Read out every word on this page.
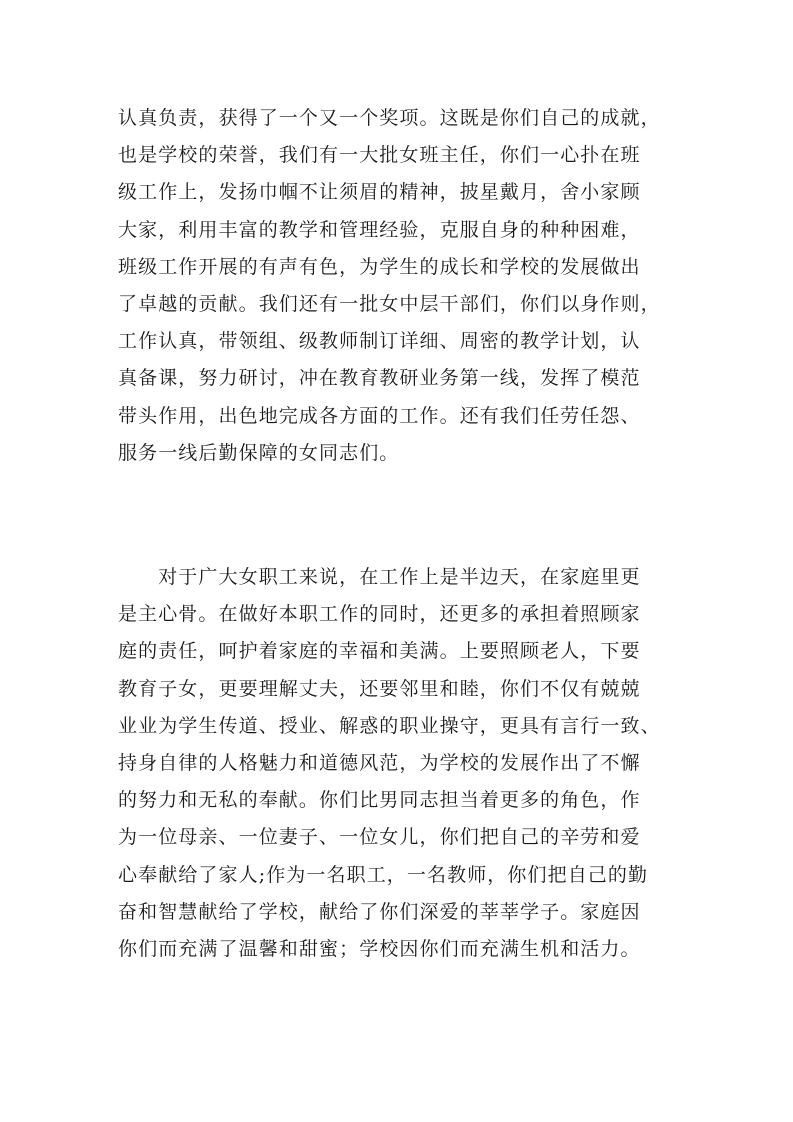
认真负责，获得了一个又一个奖项。这既是你们自己的成就，
也是学校的荣誉，我们有一大批女班主任，你们一心扑在班
级工作上，发扬巾帼不让须眉的精神，披星戴月，舍小家顾
大家，利用丰富的教学和管理经验，克服自身的种种困难，
班级工作开展的有声有色，为学生的成长和学校的发展做出
了卓越的贡献。我们还有一批女中层干部们，你们以身作则，
工作认真，带领组、级教师制订详细、周密的教学计划，认
真备课，努力研讨，冲在教育教研业务第一线，发挥了模范
带头作用，出色地完成各方面的工作。还有我们任劳任怨、
服务一线后勤保障的女同志们。

　　对于广大女职工来说，在工作上是半边天，在家庭里更
是主心骨。在做好本职工作的同时，还更多的承担着照顾家
庭的责任，呵护着家庭的幸福和美满。上要照顾老人，下要
教育子女，更要理解丈夫，还要邻里和睦，你们不仅有兢兢
业业为学生传道、授业、解惑的职业操守，更具有言行一致、
持身自律的人格魅力和道德风范，为学校的发展作出了不懈
的努力和无私的奉献。你们比男同志担当着更多的角色，作
为一位母亲、一位妻子、一位女儿，你们把自己的辛劳和爱
心奉献给了家人;作为一名职工，一名教师，你们把自己的勤
奋和智慧献给了学校，献给了你们深爱的莘莘学子。家庭因
你们而充满了温馨和甜蜜；学校因你们而充满生机和活力。
